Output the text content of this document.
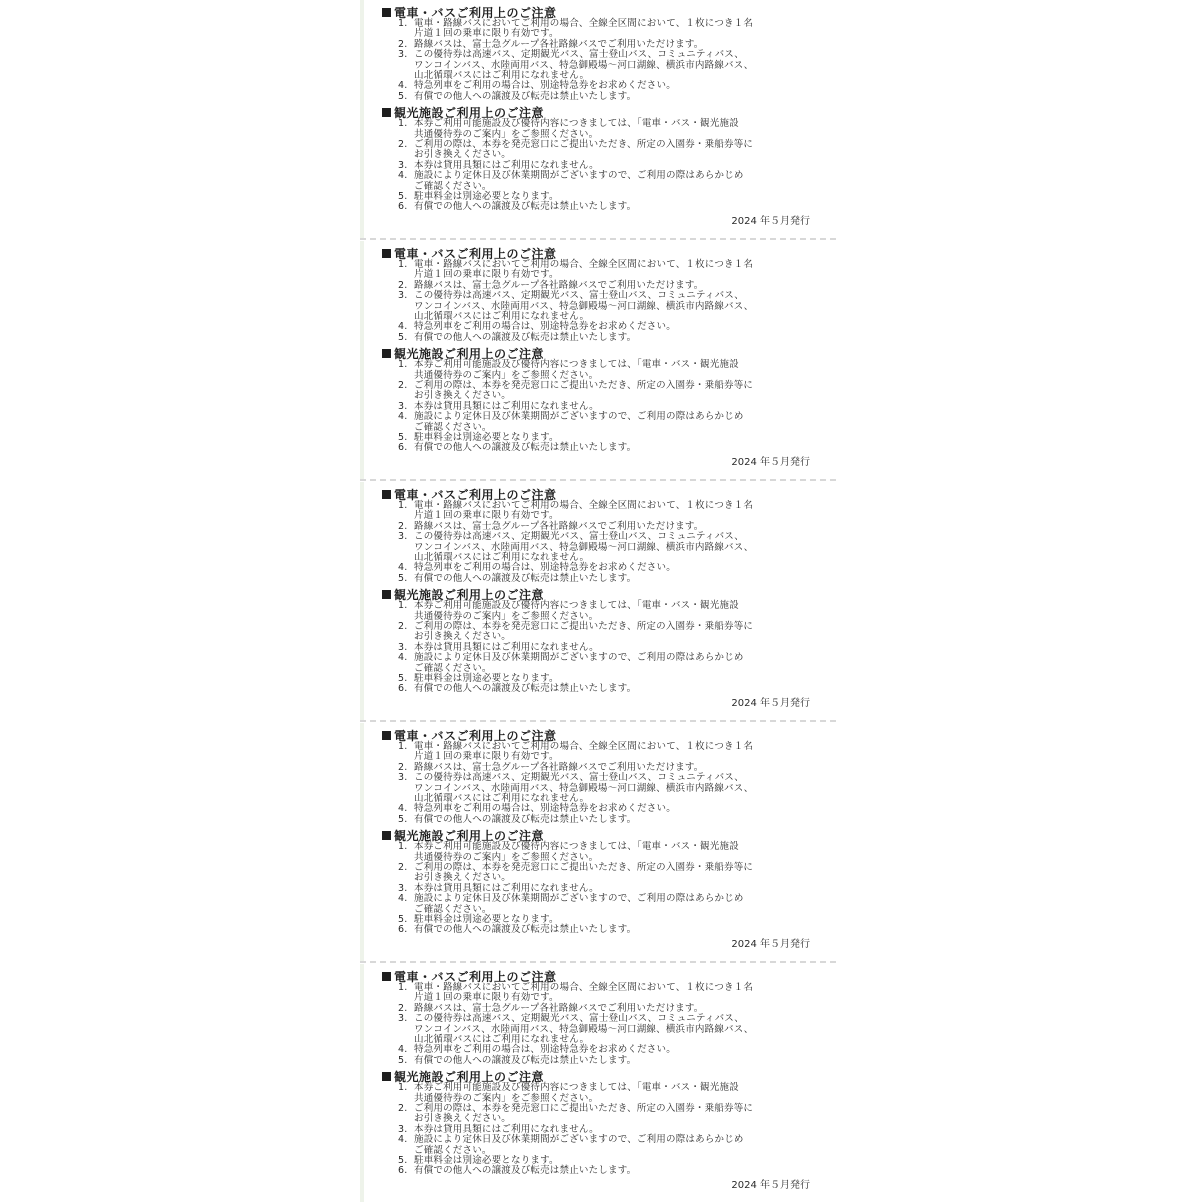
電車・バスご利用上のご注意
1. 電車・路線バスにおいてご利用の場合、全線全区間において、１枚につき１名
片道１回の乗車に限り有効です。
2. 路線バスは、富士急グループ各社路線バスでご利用いただけます。
3. この優待券は高速バス、定期観光バス、富士登山バス、コミュニティバス、
ワンコインバス、水陸両用バス、特急御殿場〜河口湖線、横浜市内路線バス、
山北循環バスにはご利用になれません。
4. 特急列車をご利用の場合は、別途特急券をお求めください。
5. 有償での他人への譲渡及び転売は禁止いたします。
観光施設ご利用上のご注意
1. 本券ご利用可能施設及び優待内容につきましては、「電車・バス・観光施設
共通優待券のご案内」をご参照ください。
2. ご利用の際は、本券を発売窓口にご提出いただき、所定の入園券・乗船券等に
お引き換えください。
3. 本券は貸用具類にはご利用になれません。
4. 施設により定休日及び休業期間がございますので、ご利用の際はあらかじめ
ご確認ください。
5. 駐車料金は別途必要となります。
6. 有償での他人への譲渡及び転売は禁止いたします。
2024 年５月発行
電車・バスご利用上のご注意
1. 電車・路線バスにおいてご利用の場合、全線全区間において、１枚につき１名
片道１回の乗車に限り有効です。
2. 路線バスは、富士急グループ各社路線バスでご利用いただけます。
3. この優待券は高速バス、定期観光バス、富士登山バス、コミュニティバス、
ワンコインバス、水陸両用バス、特急御殿場〜河口湖線、横浜市内路線バス、
山北循環バスにはご利用になれません。
4. 特急列車をご利用の場合は、別途特急券をお求めください。
5. 有償での他人への譲渡及び転売は禁止いたします。
観光施設ご利用上のご注意
1. 本券ご利用可能施設及び優待内容につきましては、「電車・バス・観光施設
共通優待券のご案内」をご参照ください。
2. ご利用の際は、本券を発売窓口にご提出いただき、所定の入園券・乗船券等に
お引き換えください。
3. 本券は貸用具類にはご利用になれません。
4. 施設により定休日及び休業期間がございますので、ご利用の際はあらかじめ
ご確認ください。
5. 駐車料金は別途必要となります。
6. 有償での他人への譲渡及び転売は禁止いたします。
2024 年５月発行
電車・バスご利用上のご注意
1. 電車・路線バスにおいてご利用の場合、全線全区間において、１枚につき１名
片道１回の乗車に限り有効です。
2. 路線バスは、富士急グループ各社路線バスでご利用いただけます。
3. この優待券は高速バス、定期観光バス、富士登山バス、コミュニティバス、
ワンコインバス、水陸両用バス、特急御殿場〜河口湖線、横浜市内路線バス、
山北循環バスにはご利用になれません。
4. 特急列車をご利用の場合は、別途特急券をお求めください。
5. 有償での他人への譲渡及び転売は禁止いたします。
観光施設ご利用上のご注意
1. 本券ご利用可能施設及び優待内容につきましては、「電車・バス・観光施設
共通優待券のご案内」をご参照ください。
2. ご利用の際は、本券を発売窓口にご提出いただき、所定の入園券・乗船券等に
お引き換えください。
3. 本券は貸用具類にはご利用になれません。
4. 施設により定休日及び休業期間がございますので、ご利用の際はあらかじめ
ご確認ください。
5. 駐車料金は別途必要となります。
6. 有償での他人への譲渡及び転売は禁止いたします。
2024 年５月発行
電車・バスご利用上のご注意
1. 電車・路線バスにおいてご利用の場合、全線全区間において、１枚につき１名
片道１回の乗車に限り有効です。
2. 路線バスは、富士急グループ各社路線バスでご利用いただけます。
3. この優待券は高速バス、定期観光バス、富士登山バス、コミュニティバス、
ワンコインバス、水陸両用バス、特急御殿場〜河口湖線、横浜市内路線バス、
山北循環バスにはご利用になれません。
4. 特急列車をご利用の場合は、別途特急券をお求めください。
5. 有償での他人への譲渡及び転売は禁止いたします。
観光施設ご利用上のご注意
1. 本券ご利用可能施設及び優待内容につきましては、「電車・バス・観光施設
共通優待券のご案内」をご参照ください。
2. ご利用の際は、本券を発売窓口にご提出いただき、所定の入園券・乗船券等に
お引き換えください。
3. 本券は貸用具類にはご利用になれません。
4. 施設により定休日及び休業期間がございますので、ご利用の際はあらかじめ
ご確認ください。
5. 駐車料金は別途必要となります。
6. 有償での他人への譲渡及び転売は禁止いたします。
2024 年５月発行
電車・バスご利用上のご注意
1. 電車・路線バスにおいてご利用の場合、全線全区間において、１枚につき１名
片道１回の乗車に限り有効です。
2. 路線バスは、富士急グループ各社路線バスでご利用いただけます。
3. この優待券は高速バス、定期観光バス、富士登山バス、コミュニティバス、
ワンコインバス、水陸両用バス、特急御殿場〜河口湖線、横浜市内路線バス、
山北循環バスにはご利用になれません。
4. 特急列車をご利用の場合は、別途特急券をお求めください。
5. 有償での他人への譲渡及び転売は禁止いたします。
観光施設ご利用上のご注意
1. 本券ご利用可能施設及び優待内容につきましては、「電車・バス・観光施設
共通優待券のご案内」をご参照ください。
2. ご利用の際は、本券を発売窓口にご提出いただき、所定の入園券・乗船券等に
お引き換えください。
3. 本券は貸用具類にはご利用になれません。
4. 施設により定休日及び休業期間がございますので、ご利用の際はあらかじめ
ご確認ください。
5. 駐車料金は別途必要となります。
6. 有償での他人への譲渡及び転売は禁止いたします。
2024 年５月発行
